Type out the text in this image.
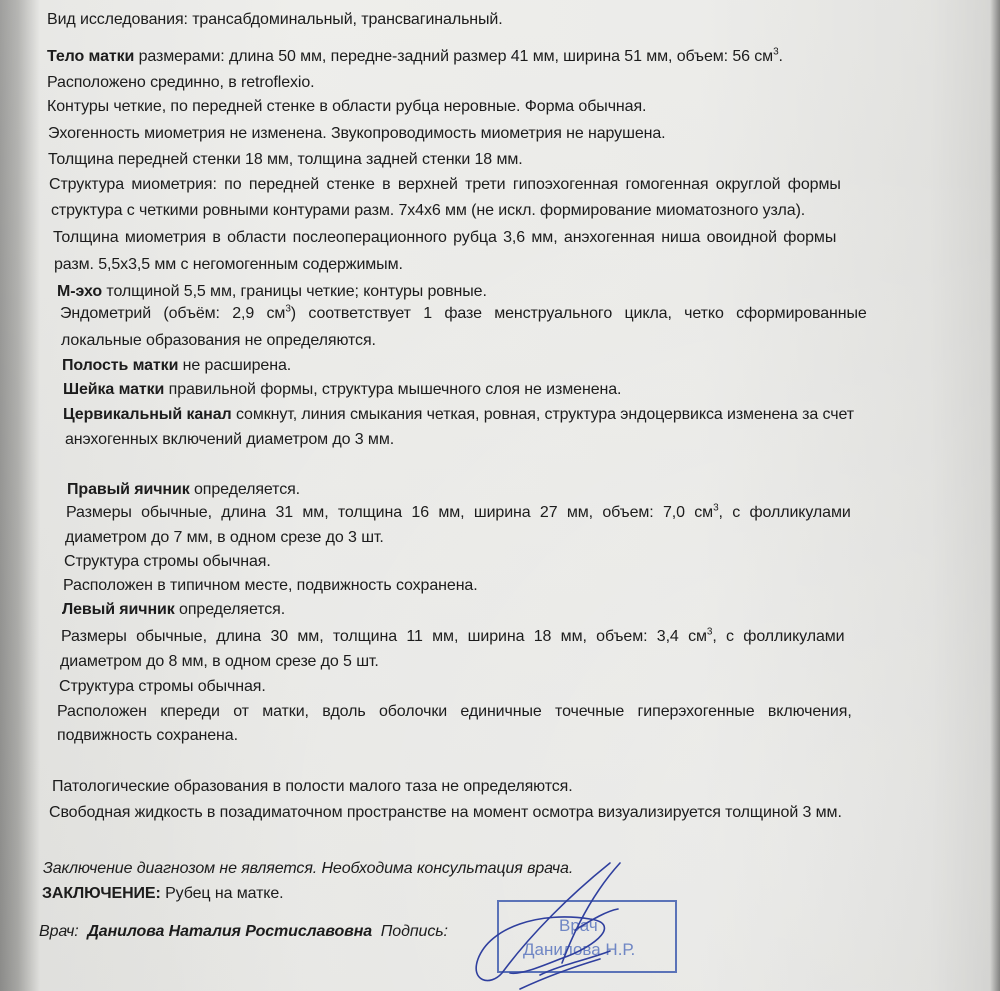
Вид исследования: трансабдоминальный, трансвагинальный.
Тело матки размерами: длина 50 мм, передне-задний размер 41 мм, ширина 51 мм, объем: 56 $см^3$.
Расположено срединно, в retroflexio.
Контуры четкие, по передней стенке в области рубца неровные. Форма обычная.
Эхогенность миометрия не изменена. Звукопроводимость миометрия не нарушена.
Толщина передней стенки 18 мм, толщина задней стенки 18 мм.
Структура миометрия: по передней стенке в верхней трети гипоэхогенная гомогенная округлой формы
структура с четкими ровными контурами разм. 7х4х6 мм (не искл. формирование миоматозного узла).
Толщина миометрия в области послеоперационного рубца 3,6 мм, анэхогенная ниша овоидной формы
разм. 5,5х3,5 мм с негомогенным содержимым.
М-эхо толщиной 5,5 мм, границы четкие; контуры ровные.
Эндометрий (объём: 2,9 $см^3$) соответствует 1 фазе менструального цикла, четко сформированные
локальные образования не определяются.
Полость матки не расширена.
Шейка матки правильной формы, структура мышечного слоя не изменена.
Цервикальный канал сомкнут, линия смыкания четкая, ровная, структура эндоцервикса изменена за счет
анэхогенных включений диаметром до 3 мм.
Правый яичник определяется.
Размеры обычные, длина 31 мм, толщина 16 мм, ширина 27 мм, объем: 7,0 $см^3$, с фолликулами
диаметром до 7 мм, в одном срезе до 3 шт.
Структура стромы обычная.
Расположен в типичном месте, подвижность сохранена.
Левый яичник определяется.
Размеры обычные, длина 30 мм, толщина 11 мм, ширина 18 мм, объем: 3,4 $см^3$, с фолликулами
диаметром до 8 мм, в одном срезе до 5 шт.
Структура стромы обычная.
Расположен кпереди от матки, вдоль оболочки единичные точечные гиперэхогенные включения,
подвижность сохранена.
Патологические образования в полости малого таза не определяются.
Свободная жидкость в позадиматочном пространстве на момент осмотра визуализируется толщиной 3 мм.
Заключение диагнозом не является. Необходима консультация врача.
ЗАКЛЮЧЕНИЕ: Рубец на матке.
Врач: Данилова Наталия Ростиславовна Подпись:	Врач
Данилова Н.Р.
